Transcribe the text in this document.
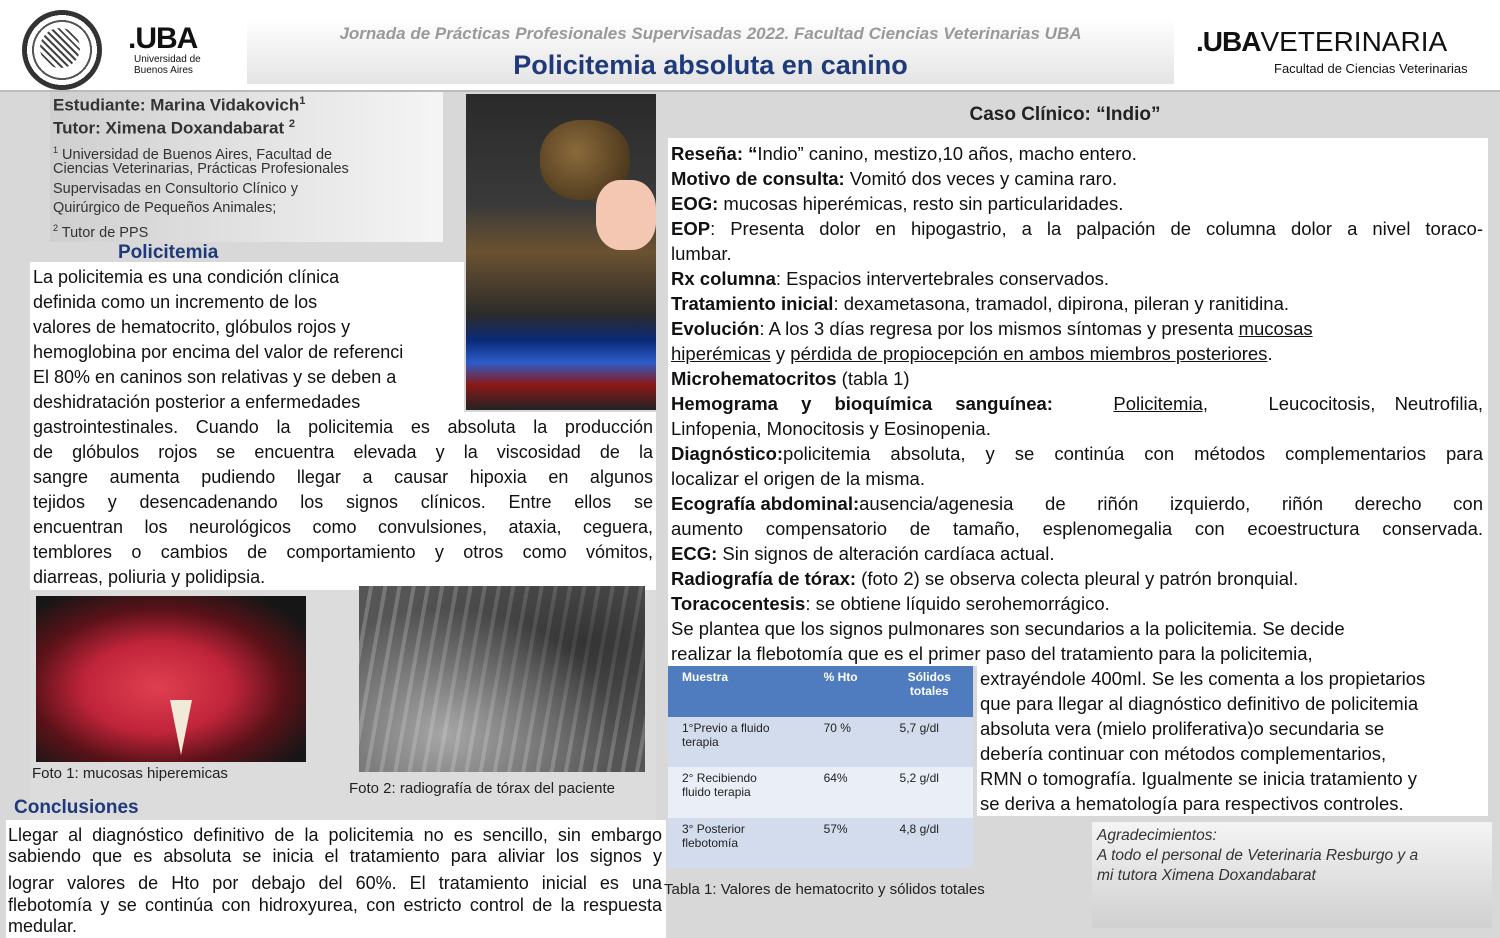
.UBA
Universidad de
Buenos Aires
Jornada de Prácticas Profesionales Supervisadas 2022. Facultad Ciencias Veterinarias UBA
Policitemia absoluta en canino
.UBAVETERINARIA
Facultad de Ciencias Veterinarias
Estudiante: Marina Vidakovich$^1$
Tutor: Ximena Doxandabarat $^2$
$^1$ Universidad de Buenos Aires, Facultad de
Ciencias Veterinarias, Prácticas Profesionales
Supervisadas en Consultorio Clínico y
Quirúrgico de Pequeños Animales;
$^2$ Tutor de PPS
Policitemia
La policitemia es una condición clínica
definida como un incremento de los
valores de hematocrito, glóbulos rojos y
hemoglobina por encima del valor de referenci
El 80% en caninos son relativas y se deben a
deshidratación posterior a enfermedades
gastrointestinales. Cuando la policitemia es absoluta la producción
de glóbulos rojos se encuentra elevada y la viscosidad de la
sangre aumenta pudiendo llegar a causar hipoxia en algunos
tejidos y desencadenando los signos clínicos. Entre ellos se
encuentran los neurológicos como convulsiones, ataxia, ceguera,
temblores o cambios de comportamiento y otros como vómitos,
diarreas, poliuria y polidipsia.
Foto 1: mucosas hiperemicas
Foto 2: radiografía de tórax del paciente
Conclusiones
Llegar al diagnóstico definitivo de la policitemia no es sencillo, sin embargo
sabiendo que es absoluta se inicia el tratamiento para aliviar los signos y
lograr valores de Hto por debajo del 60%. El tratamiento inicial es una
flebotomía y se continúa con hidroxyurea, con estricto control de la respuesta
medular.
Caso Clínico: “Indio”
Reseña: “Indio” canino, mestizo,10 años, macho entero.
Motivo de consulta: Vomitó dos veces y camina raro.
EOG: mucosas hiperémicas, resto sin particularidades.
EOP : Presenta dolor en hipogastrio, a la palpación de columna dolor a nivel toraco-
lumbar.
Rx columna: Espacios intervertebrales conservados.
Tratamiento inicial: dexametasona, tramadol, dipirona, pileran y ranitidina.
Evolución: A los 3 días regresa por los mismos síntomas y presenta mucosas
hiperémicas y pérdida de propiocepción en ambos miembros posteriores.
Microhematocritos (tabla 1)
Hemograma y bioquímica sanguínea:	Policitemia,	Leucocitosis, Neutrofilia,
Linfopenia, Monocitosis y Eosinopenia.
Diagnóstico: policitemia absoluta, y se continúa con métodos complementarios para
localizar el origen de la misma.
Ecografía abdominal: ausencia/agenesia de riñón izquierdo, riñón derecho con
aumento compensatorio de tamaño, esplenomegalia con ecoestructura conservada.
ECG: Sin signos de alteración cardíaca actual.
Radiografía de tórax: (foto 2) se observa colecta pleural y patrón bronquial.
Toracocentesis: se obtiene líquido serohemorrágico.
Se plantea que los signos pulmonares son secundarios a la policitemia. Se decide
realizar la flebotomía que es el primer paso del tratamiento para la policitemia,
extrayéndole 400ml. Se les comenta a los propietarios
que para llegar al diagnóstico definitivo de policitemia
absoluta vera (mielo proliferativa)o secundaria se
debería continuar con métodos complementarios,
RMN o tomografía. Igualmente se inicia tratamiento y
se deriva a hematología para respectivos controles.
Muestra	% Hto	Sólidos
totales
1°Previo a fluido
terapia	70 %	5,7 g/dl
2° Recibiendo
fluido terapia	64%	5,2 g/dl
3° Posterior
flebotomía	57%	4,8 g/dl
Tabla 1: Valores de hematocrito y sólidos totales
Agradecimientos:
A todo el personal de Veterinaria Resburgo y a
mi tutora Ximena Doxandabarat
